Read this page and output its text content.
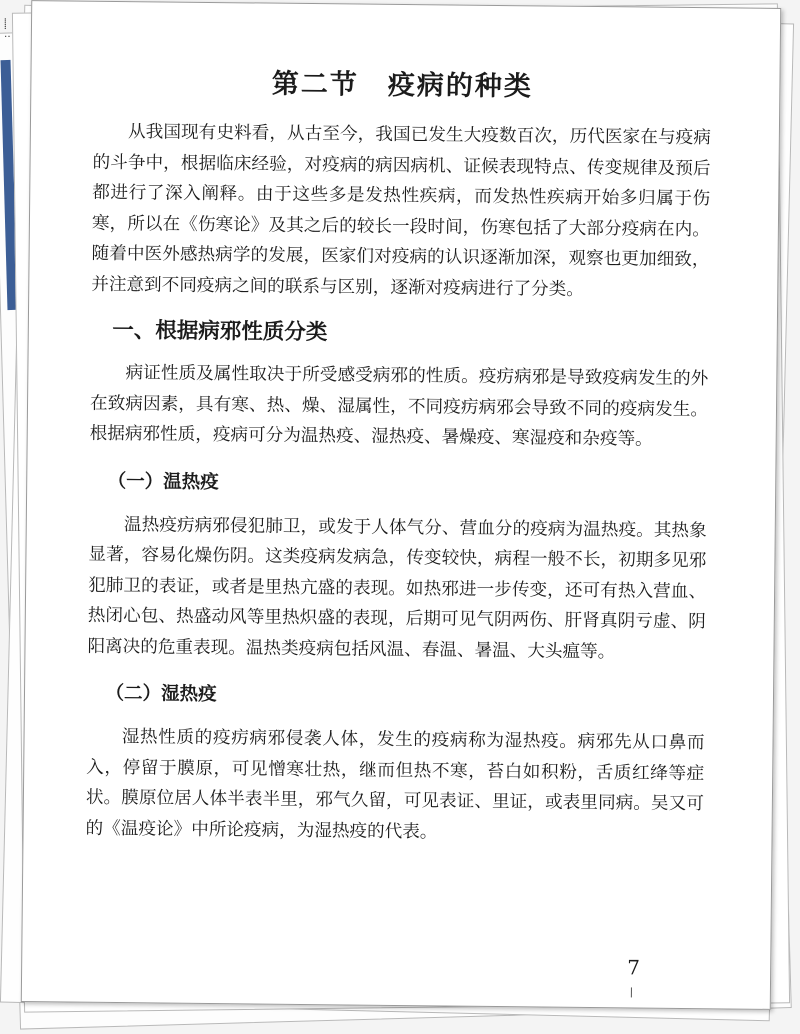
⸽
‥
第二节　疫病的种类

从我国现有史料看，从古至今，我国已发生大疫数百次，历代医家在与疫病的斗争中，根据临床经验，对疫病的病因病机、证候表现特点、传变规律及预后都进行了深入阐释。由于这些多是发热性疾病，而发热性疾病开始多归属于伤寒，所以在《伤寒论》及其之后的较长一段时间，伤寒包括了大部分疫病在内。随着中医外感热病学的发展，医家们对疫病的认识逐渐加深，观察也更加细致，并注意到不同疫病之间的联系与区别，逐渐对疫病进行了分类。

一、根据病邪性质分类

病证性质及属性取决于所受感受病邪的性质。疫疠病邪是导致疫病发生的外在致病因素，具有寒、热、燥、湿属性，不同疫疠病邪会导致不同的疫病发生。根据病邪性质，疫病可分为温热疫、湿热疫、暑燥疫、寒湿疫和杂疫等。

（一）温热疫

温热疫疠病邪侵犯肺卫，或发于人体气分、营血分的疫病为温热疫。其热象显著，容易化燥伤阴。这类疫病发病急，传变较快，病程一般不长，初期多见邪犯肺卫的表证，或者是里热亢盛的表现。如热邪进一步传变，还可有热入营血、热闭心包、热盛动风等里热炽盛的表现，后期可见气阴两伤、肝肾真阴亏虚、阴阳离决的危重表现。温热类疫病包括风温、春温、暑温、大头瘟等。

（二）湿热疫

湿热性质的疫疠病邪侵袭人体，发生的疫病称为湿热疫。病邪先从口鼻而入，停留于膜原，可见憎寒壮热，继而但热不寒，苔白如积粉，舌质红绛等症状。膜原位居人体半表半里，邪气久留，可见表证、里证，或表里同病。吴又可的《温疫论》中所论疫病，为湿热疫的代表。

7
